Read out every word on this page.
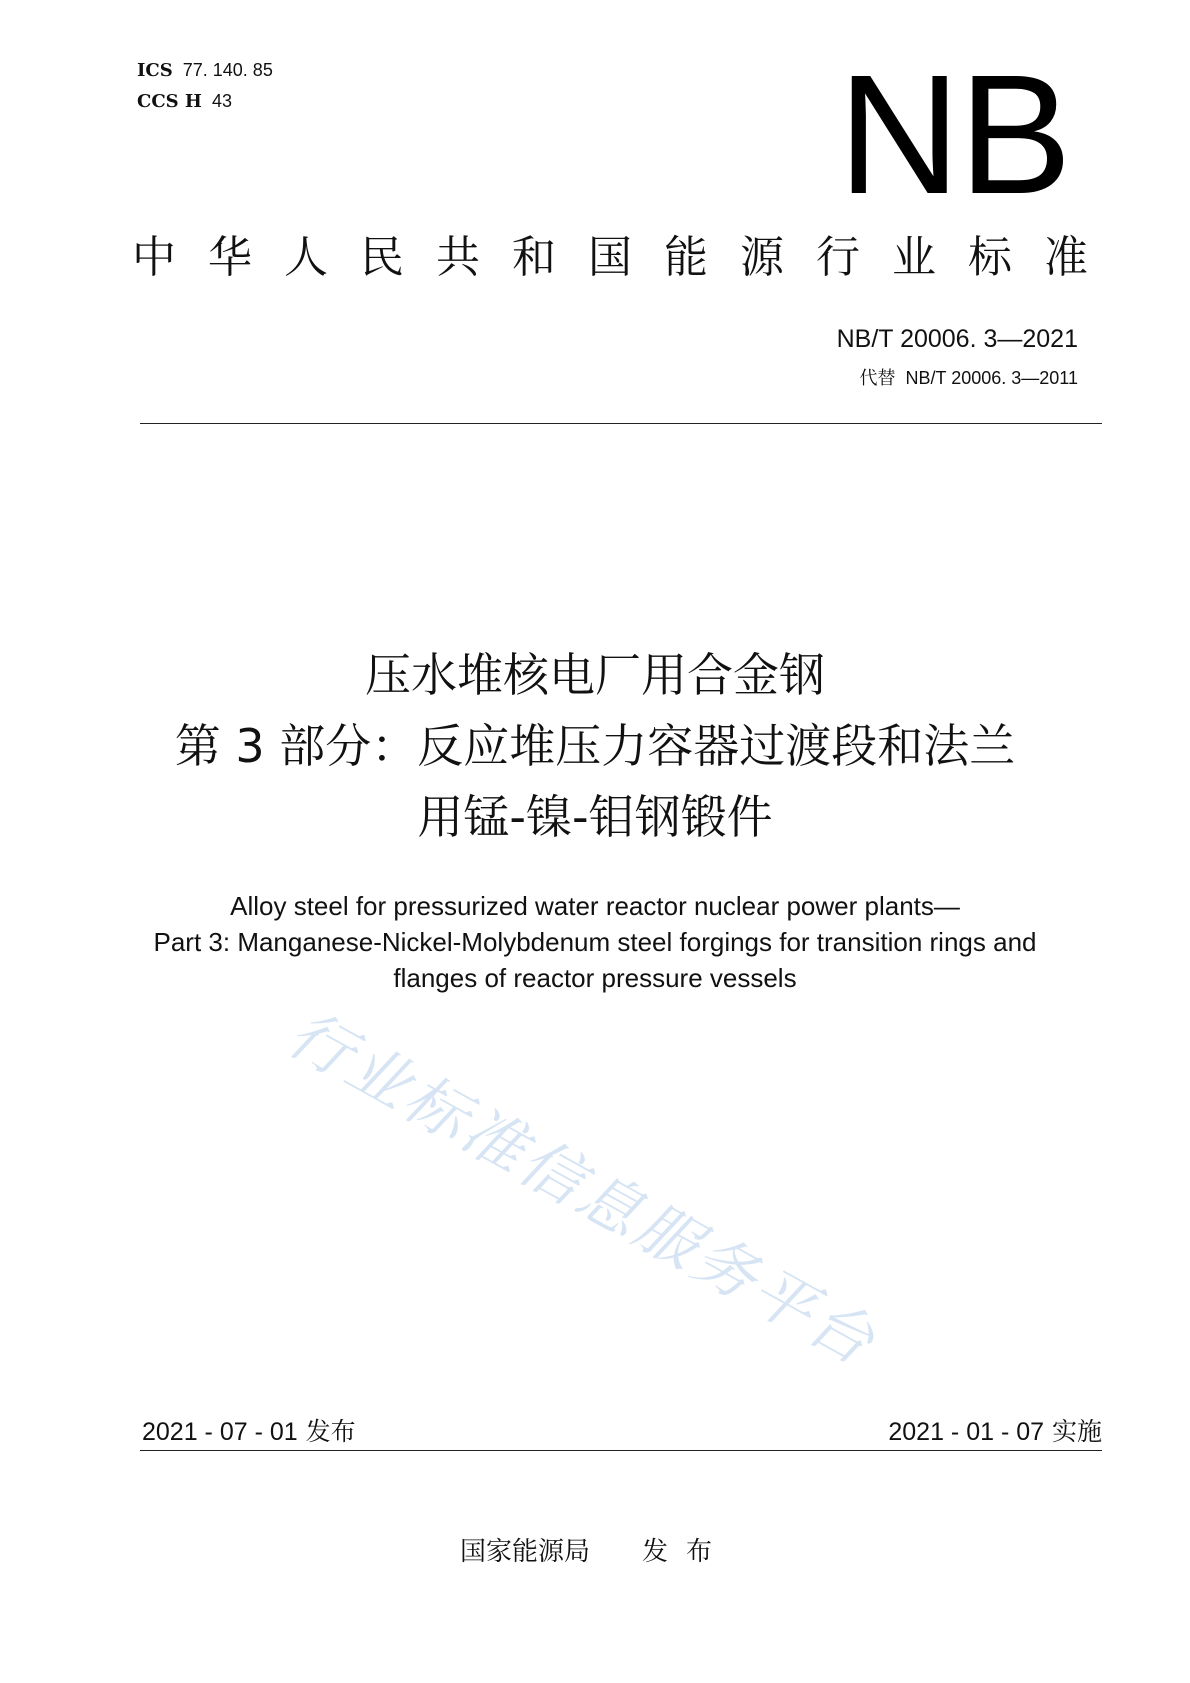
ICS 77. 140. 85
CCS H 43	NB
中华人民共和国能源行业标准
NB/T 20006. 3—2021
代替 NB/T 20006. 3—2011
压水堆核电厂用合金钢
第 3 部分：反应堆压力容器过渡段和法兰
用锰-镍-钼钢锻件
Alloy steel for pressurized water reactor nuclear power plants—
Part 3: Manganese-Nickel-Molybdenum steel forgings for transition rings and
flanges of reactor pressure vessels
行业标准信息服务平台
2021 - 07 - 01 发布	2021 - 01 - 07 实施
国家能源局 发布
